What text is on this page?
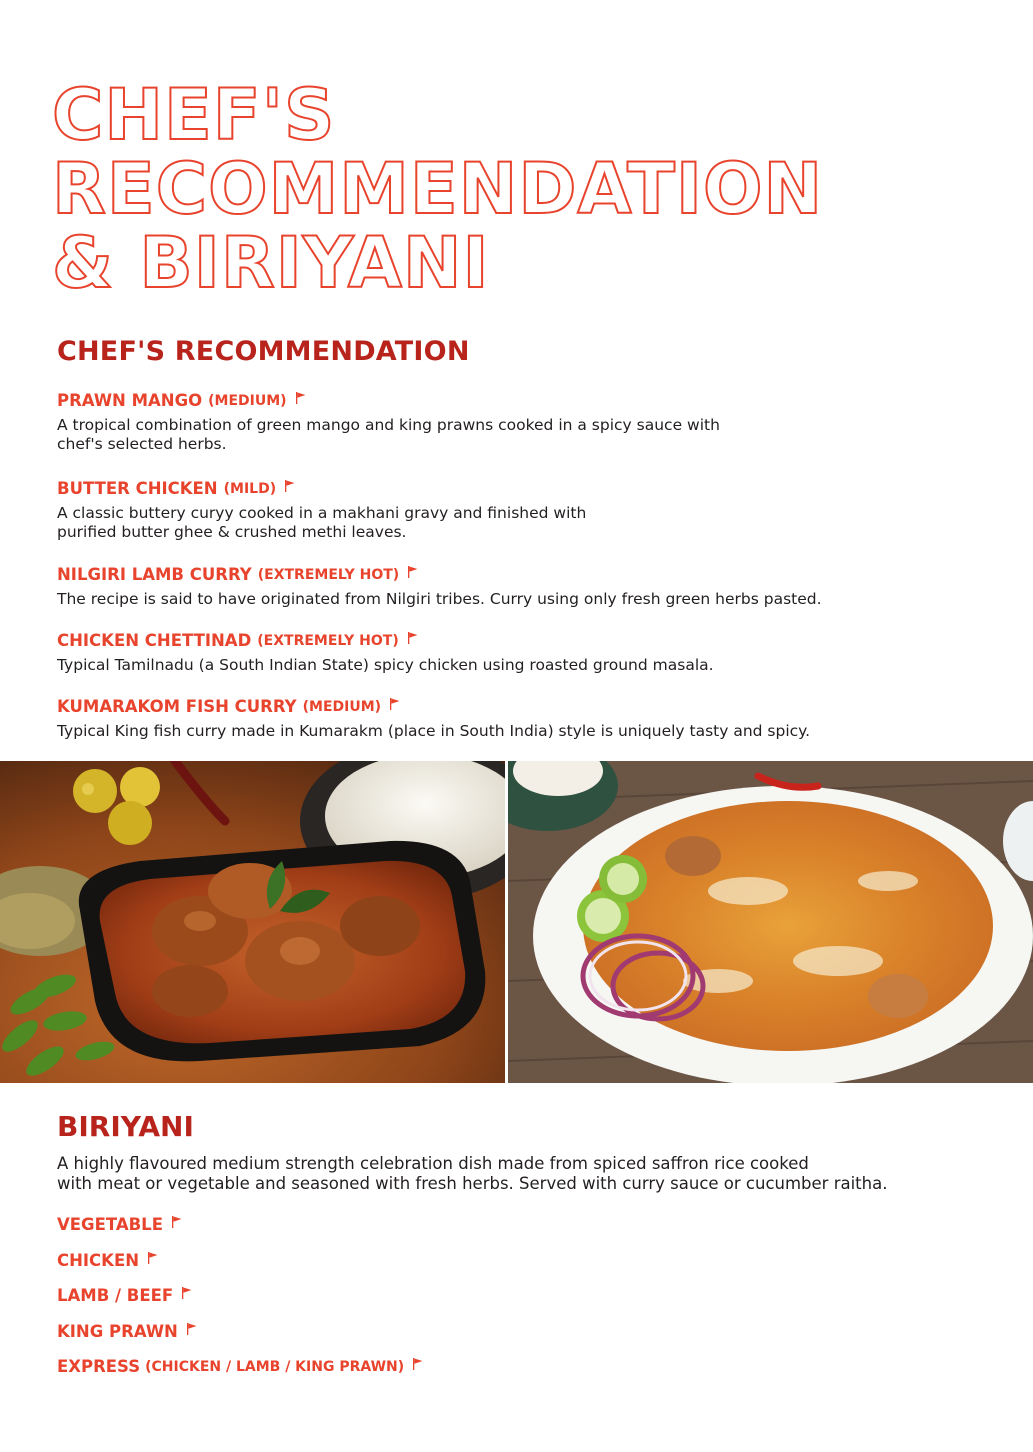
CHEF'S
RECOMMENDATION
& BIRIYANI
CHEF'S RECOMMENDATION
PRAWN MANGO (MEDIUM)
A tropical combination of green mango and king prawns cooked in a spicy sauce with
chef's selected herbs.
BUTTER CHICKEN (MILD)
A classic buttery curyy cooked in a makhani gravy and finished with
purified butter ghee & crushed methi leaves.
NILGIRI LAMB CURRY (EXTREMELY HOT)
The recipe is said to have originated from Nilgiri tribes. Curry using only fresh green herbs pasted.
CHICKEN CHETTINAD (EXTREMELY HOT)
Typical Tamilnadu (a South Indian State) spicy chicken using roasted ground masala.
KUMARAKOM FISH CURRY (MEDIUM)
Typical King fish curry made in Kumarakm (place in South India) style is uniquely tasty and spicy.
BIRIYANI
A highly flavoured medium strength celebration dish made from spiced saffron rice cooked
with meat or vegetable and seasoned with fresh herbs. Served with curry sauce or cucumber raitha.
VEGETABLE
CHICKEN
LAMB / BEEF
KING PRAWN
EXPRESS (CHICKEN / LAMB / KING PRAWN)
